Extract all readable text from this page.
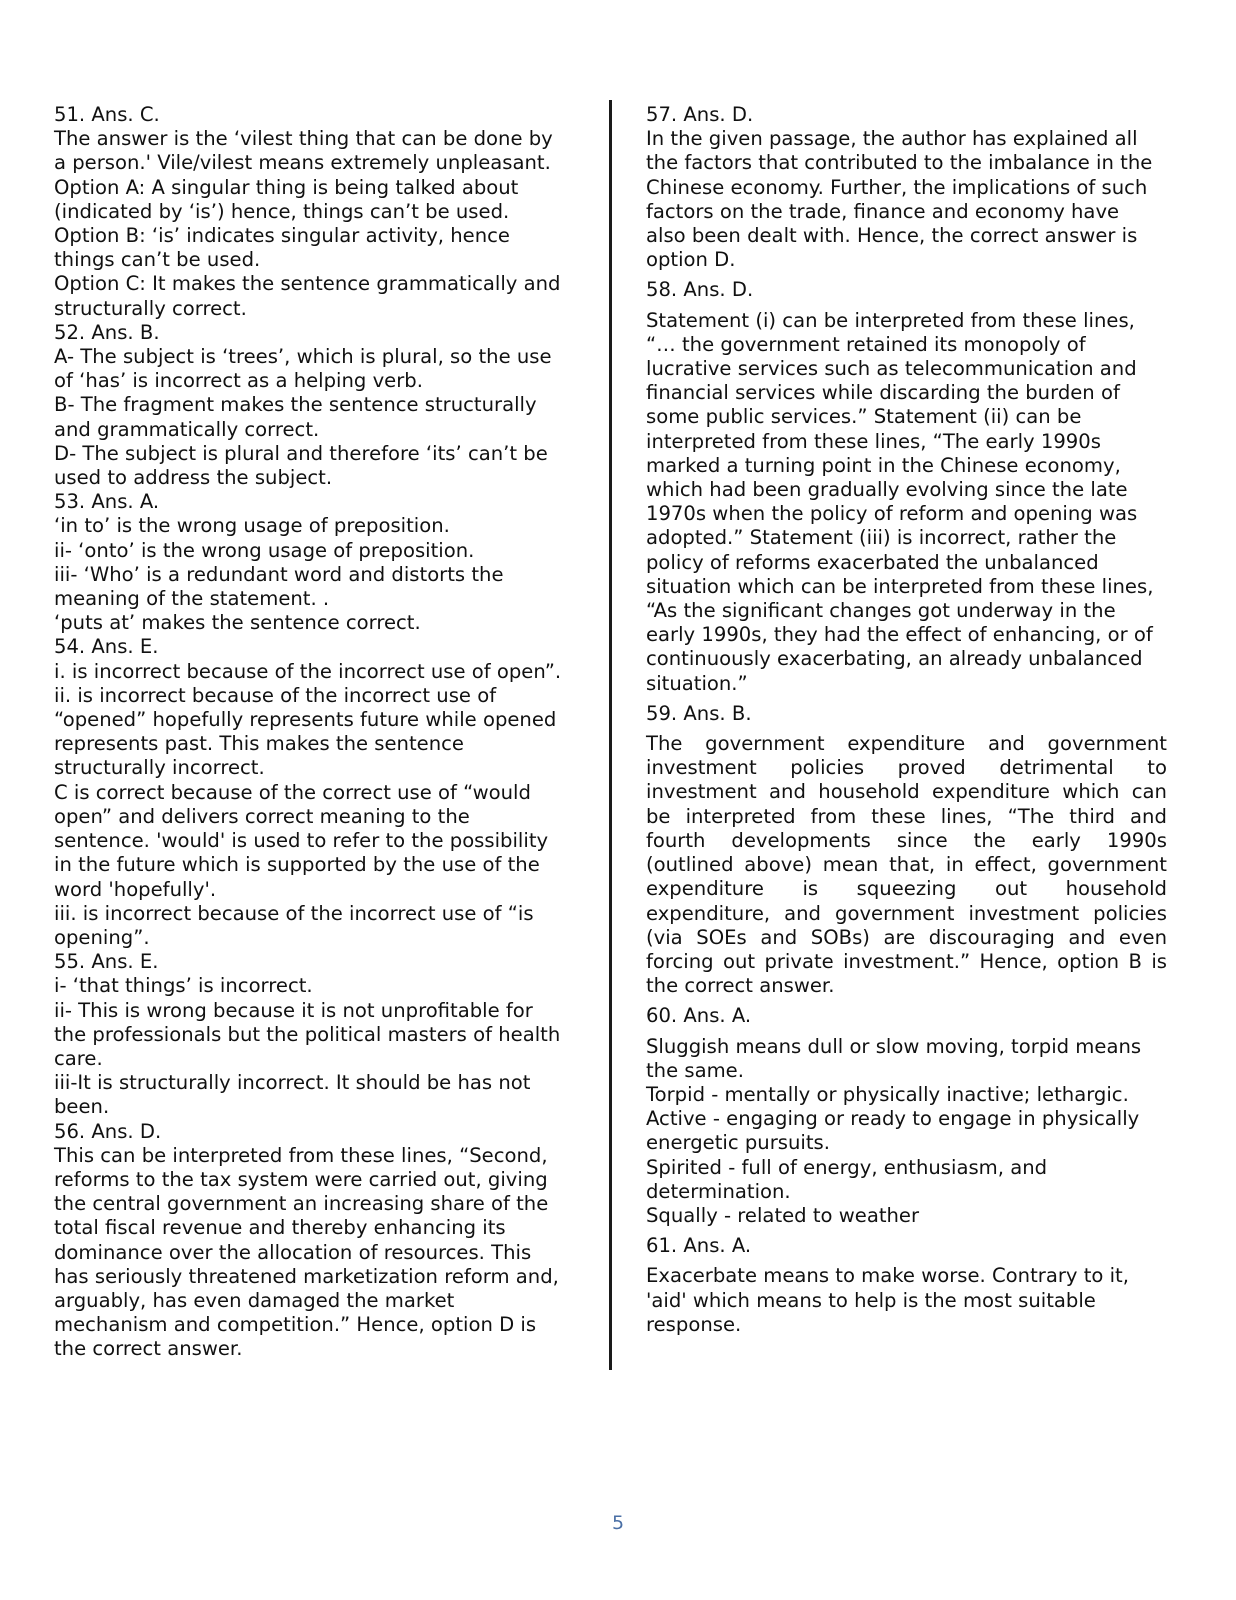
51. Ans. C.

The answer is the ‘vilest thing that can be done by

a person.' Vile/vilest means extremely unpleasant.

Option A: A singular thing is being talked about

(indicated by ‘is’) hence, things can’t be used.

Option B: ‘is’ indicates singular activity, hence

things can’t be used.

Option C: It makes the sentence grammatically and

structurally correct.

52. Ans. B.

A- The subject is ‘trees’, which is plural, so the use

of ‘has’ is incorrect as a helping verb.

B- The fragment makes the sentence structurally

and grammatically correct.

D- The subject is plural and therefore ‘its’ can’t be

used to address the subject.

53. Ans. A.

‘in to’ is the wrong usage of preposition.

ii- ‘onto’ is the wrong usage of preposition.

iii- ‘Who’ is a redundant word and distorts the

meaning of the statement. .

‘puts at’ makes the sentence correct.

54. Ans. E.

i. is incorrect because of the incorrect use of open”.

ii. is incorrect because of the incorrect use of

“opened” hopefully represents future while opened

represents past. This makes the sentence

structurally incorrect.

C is correct because of the correct use of “would

open” and delivers correct meaning to the

sentence. 'would' is used to refer to the possibility

in the future which is supported by the use of the

word 'hopefully'.

iii. is incorrect because of the incorrect use of “is

opening”.

55. Ans. E.

i- ‘that things’ is incorrect.

ii- This is wrong because it is not unprofitable for

the professionals but the political masters of health

care.

iii-It is structurally incorrect. It should be has not

been.

56. Ans. D.

This can be interpreted from these lines, “Second,

reforms to the tax system were carried out, giving

the central government an increasing share of the

total fiscal revenue and thereby enhancing its

dominance over the allocation of resources. This

has seriously threatened marketization reform and,

arguably, has even damaged the market

mechanism and competition.” Hence, option D is

the correct answer.

57. Ans. D.

In the given passage, the author has explained all

the factors that contributed to the imbalance in the

Chinese economy. Further, the implications of such

factors on the trade, finance and economy have

also been dealt with. Hence, the correct answer is

option D.

58. Ans. D.

Statement (i) can be interpreted from these lines,

“… the government retained its monopoly of

lucrative services such as telecommunication and

financial services while discarding the burden of

some public services.” Statement (ii) can be

interpreted from these lines, “The early 1990s

marked a turning point in the Chinese economy,

which had been gradually evolving since the late

1970s when the policy of reform and opening was

adopted.” Statement (iii) is incorrect, rather the

policy of reforms exacerbated the unbalanced

situation which can be interpreted from these lines,

“As the significant changes got underway in the

early 1990s, they had the effect of enhancing, or of

continuously exacerbating, an already unbalanced

situation.”

59. Ans. B.

The government expenditure and government

investment policies proved detrimental to

investment and household expenditure which can

be interpreted from these lines, “The third and

fourth developments since the early 1990s

(outlined above) mean that, in effect, government

expenditure is squeezing out household

expenditure, and government investment policies

(via SOEs and SOBs) are discouraging and even

forcing out private investment.” Hence, option B is

the correct answer.

60. Ans. A.

Sluggish means dull or slow moving, torpid means

the same.

Torpid - mentally or physically inactive; lethargic.

Active - engaging or ready to engage in physically

energetic pursuits.

Spirited - full of energy, enthusiasm, and

determination.

Squally - related to weather

61. Ans. A.

Exacerbate means to make worse. Contrary to it,

'aid' which means to help is the most suitable

response.

5
